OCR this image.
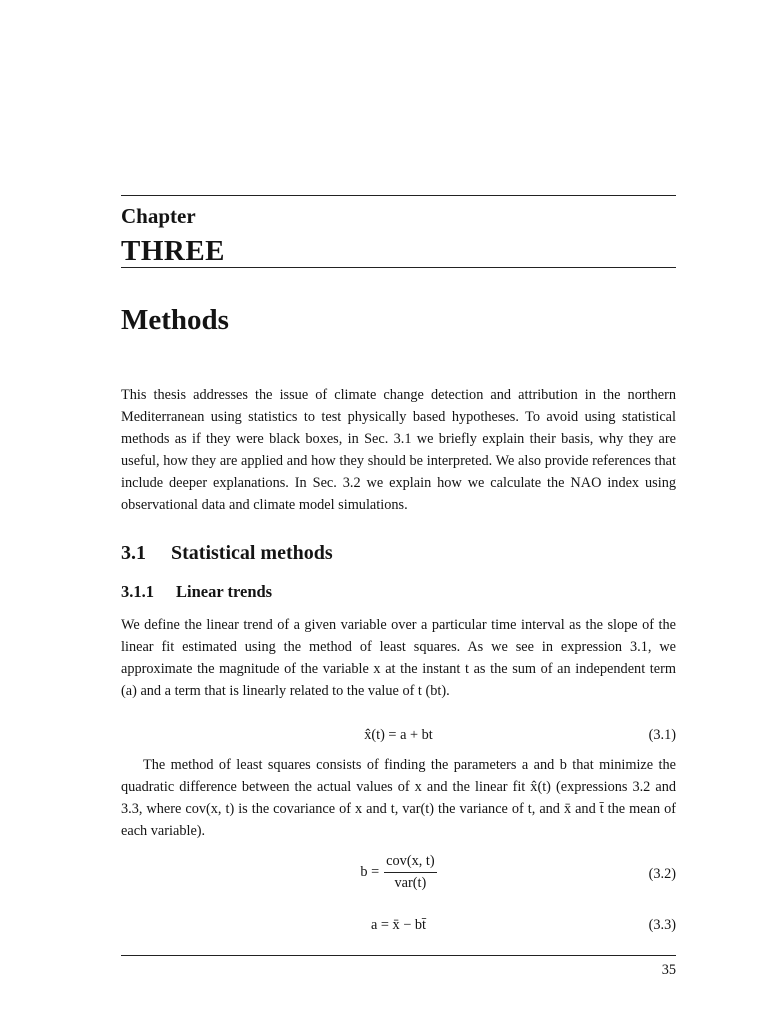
Chapter
THREE
Methods

This thesis addresses the issue of climate change detection and attribution in the northern Mediterranean using statistics to test physically based hypotheses. To avoid using statistical methods as if they were black boxes, in Sec. 3.1 we briefly explain their basis, why they are useful, how they are applied and how they should be interpreted. We also provide references that include deeper explanations. In Sec. 3.2 we explain how we calculate the NAO index using observational data and climate model simulations.

3.1 Statistical methods
3.1.1 Linear trends

We define the linear trend of a given variable over a particular time interval as the slope of the linear fit estimated using the method of least squares. As we see in expression 3.1, we approximate the magnitude of the variable x at the instant t as the sum of an independent term (a) and a term that is linearly related to the value of t (bt).

x̂(t) = a + bt	(3.1)

The method of least squares consists of finding the parameters a and b that minimize the quadratic difference between the actual values of x and the linear fit x̂(t) (expressions 3.2 and 3.3, where cov(x, t) is the covariance of x and t, var(t) the variance of t, and x̄ and t̄ the mean of each variable).

$b = \frac{\text{cov(x, t)}}{\text{var(t)}}$	(3.2)
a = x̄ − bt̄	(3.3)
35
